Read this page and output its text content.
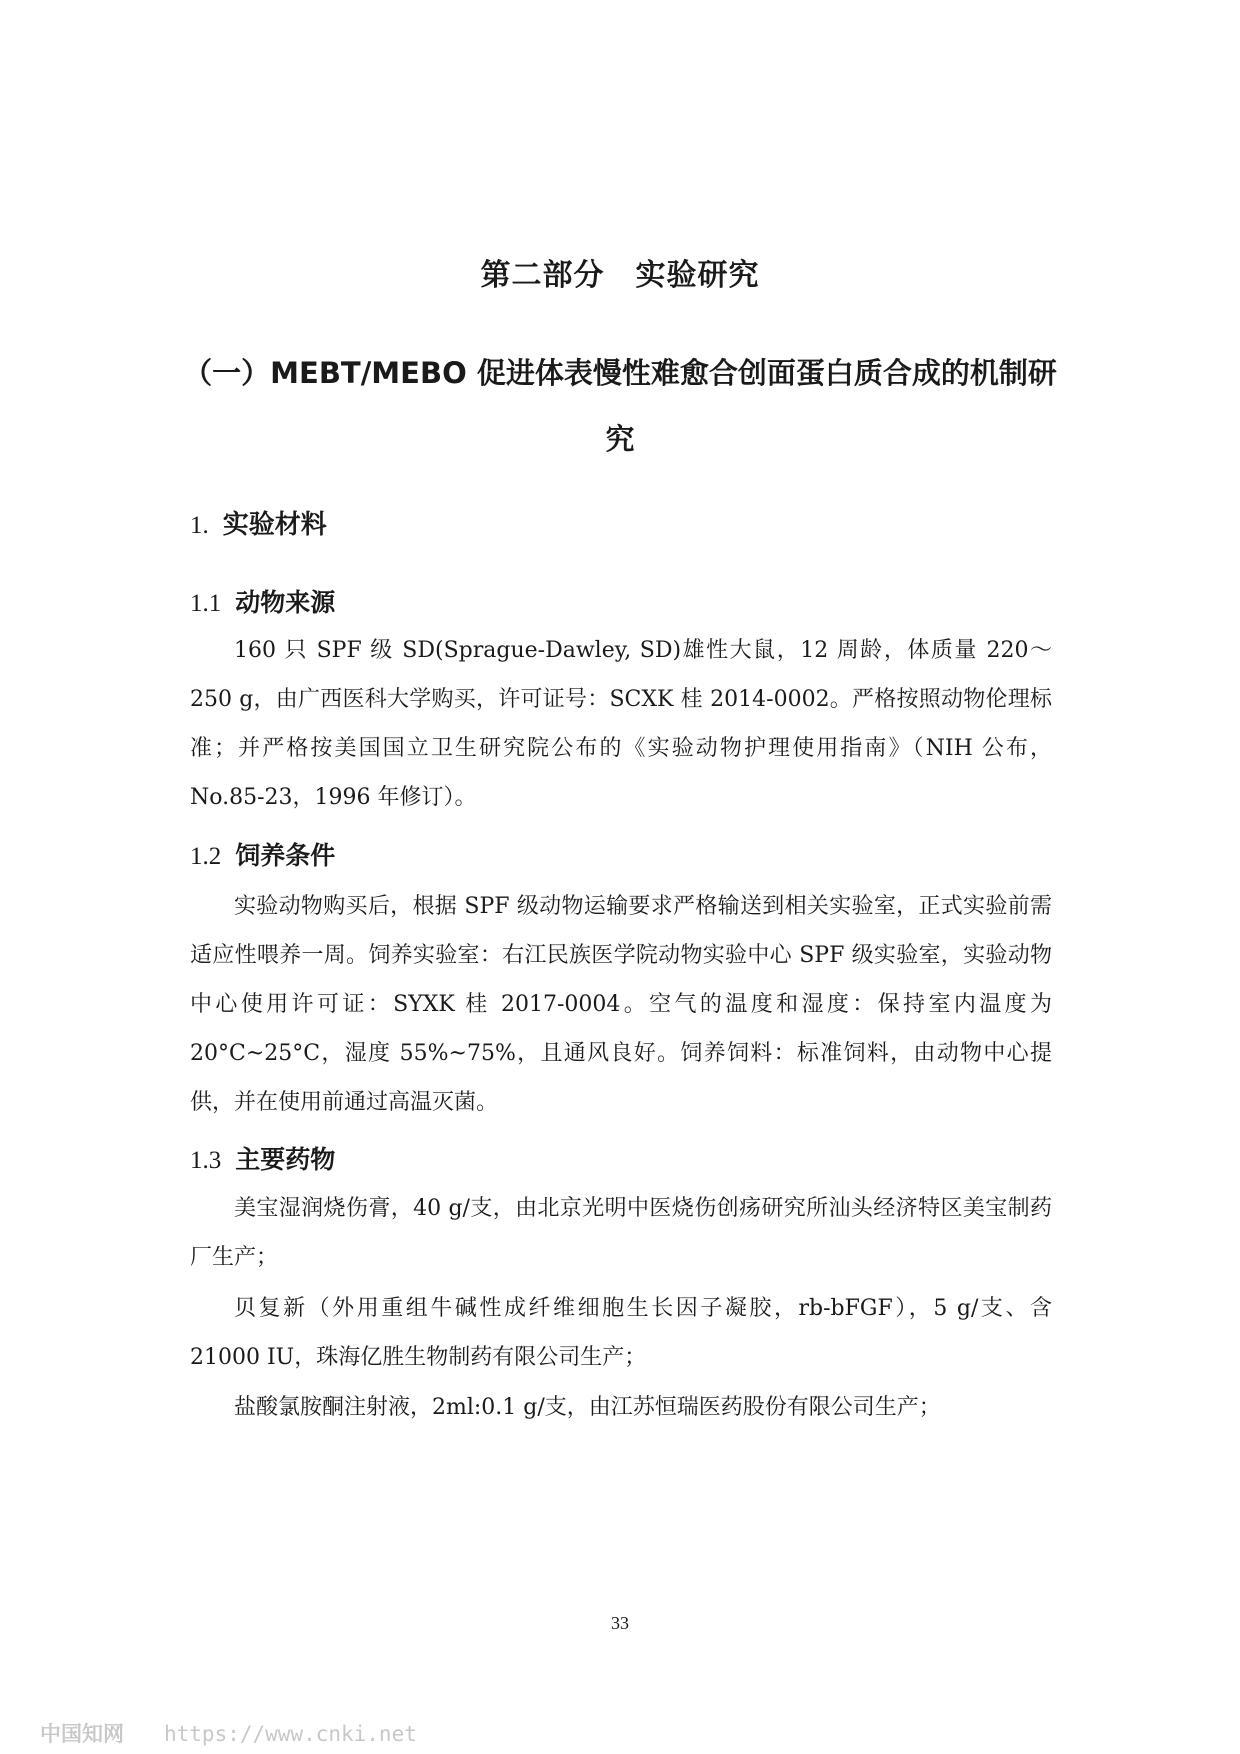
第二部分　实验研究
（一）MEBT/MEBO 促进体表慢性难愈合创面蛋白质合成的机制研究
1. 实验材料
1.1 动物来源

160 只 SPF 级 SD(Sprague-Dawley, SD)雄性大鼠，12 周龄，体质量 220～250 g，由广西医科大学购买，许可证号：SCXK 桂 2014-0002。严格按照动物伦理标准；并严格按美国国立卫生研究院公布的《实验动物护理使用指南》（NIH 公布，No.85-23，1996 年修订）。

1.2 饲养条件

实验动物购买后，根据 SPF 级动物运输要求严格输送到相关实验室，正式实验前需适应性喂养一周。饲养实验室：右江民族医学院动物实验中心 SPF 级实验室，实验动物中心使用许可证：SYXK 桂 2017-0004。空气的温度和湿度：保持室内温度为 20°C~25°C，湿度 55%~75%，且通风良好。饲养饲料：标准饲料，由动物中心提供，并在使用前通过高温灭菌。

1.3 主要药物

美宝湿润烧伤膏，40 g/支，由北京光明中医烧伤创疡研究所汕头经济特区美宝制药厂生产；

贝复新（外用重组牛碱性成纤维细胞生长因子凝胶，rb-bFGF），5 g/支、含 21000 IU，珠海亿胜生物制药有限公司生产；

盐酸氯胺酮注射液，2ml:0.1 g/支，由江苏恒瑞医药股份有限公司生产；

33
中国知网 https://www.cnki.net
